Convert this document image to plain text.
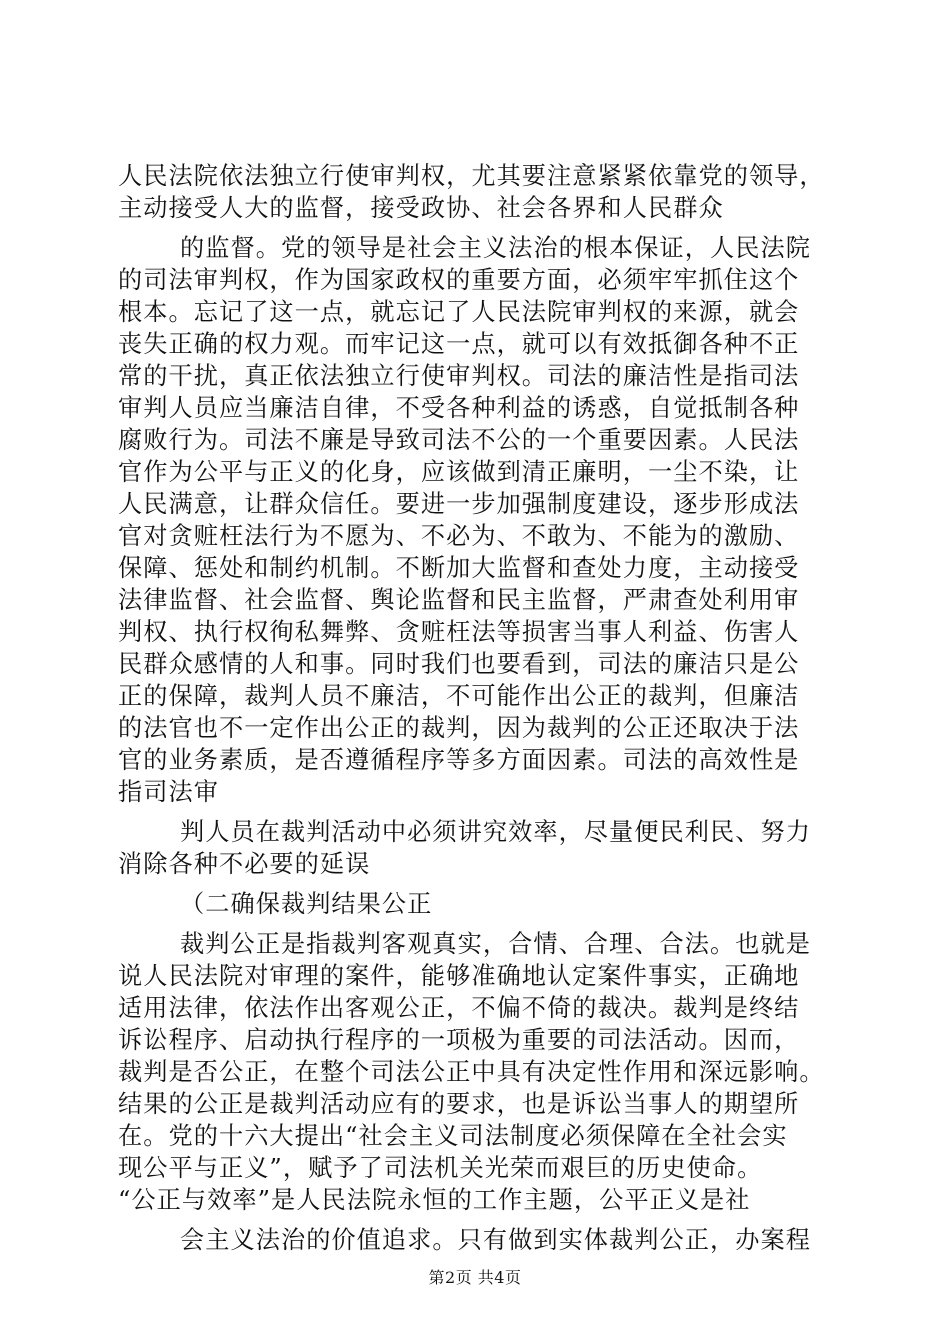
人民法院依法独立行使审判权，尤其要注意紧紧依靠党的领导，
主动接受人大的监督，接受政协、社会各界和人民群众
的监督。党的领导是社会主义法治的根本保证，人民法院
的司法审判权，作为国家政权的重要方面，必须牢牢抓住这个
根本。忘记了这一点，就忘记了人民法院审判权的来源，就会
丧失正确的权力观。而牢记这一点，就可以有效抵御各种不正
常的干扰，真正依法独立行使审判权。司法的廉洁性是指司法
审判人员应当廉洁自律，不受各种利益的诱惑，自觉抵制各种
腐败行为。司法不廉是导致司法不公的一个重要因素。人民法
官作为公平与正义的化身，应该做到清正廉明，一尘不染，让
人民满意，让群众信任。要进一步加强制度建设，逐步形成法
官对贪赃枉法行为不愿为、不必为、不敢为、不能为的激励、
保障、惩处和制约机制。不断加大监督和查处力度，主动接受
法律监督、社会监督、舆论监督和民主监督，严肃查处利用审
判权、执行权徇私舞弊、贪赃枉法等损害当事人利益、伤害人
民群众感情的人和事。同时我们也要看到，司法的廉洁只是公
正的保障，裁判人员不廉洁，不可能作出公正的裁判，但廉洁
的法官也不一定作出公正的裁判，因为裁判的公正还取决于法
官的业务素质，是否遵循程序等多方面因素。司法的高效性是
指司法审
判人员在裁判活动中必须讲究效率，尽量便民利民、努力
消除各种不必要的延误
（二确保裁判结果公正
裁判公正是指裁判客观真实，合情、合理、合法。也就是
说人民法院对审理的案件，能够准确地认定案件事实，正确地
适用法律，依法作出客观公正，不偏不倚的裁决。裁判是终结
诉讼程序、启动执行程序的一项极为重要的司法活动。因而，
裁判是否公正，在整个司法公正中具有决定性作用和深远影响。
结果的公正是裁判活动应有的要求，也是诉讼当事人的期望所
在。党的十六大提出“社会主义司法制度必须保障在全社会实
现公平与正义”，赋予了司法机关光荣而艰巨的历史使命。
“公正与效率”是人民法院永恒的工作主题，公平正义是社
会主义法治的价值追求。只有做到实体裁判公正，办案程
第2页 共4页
